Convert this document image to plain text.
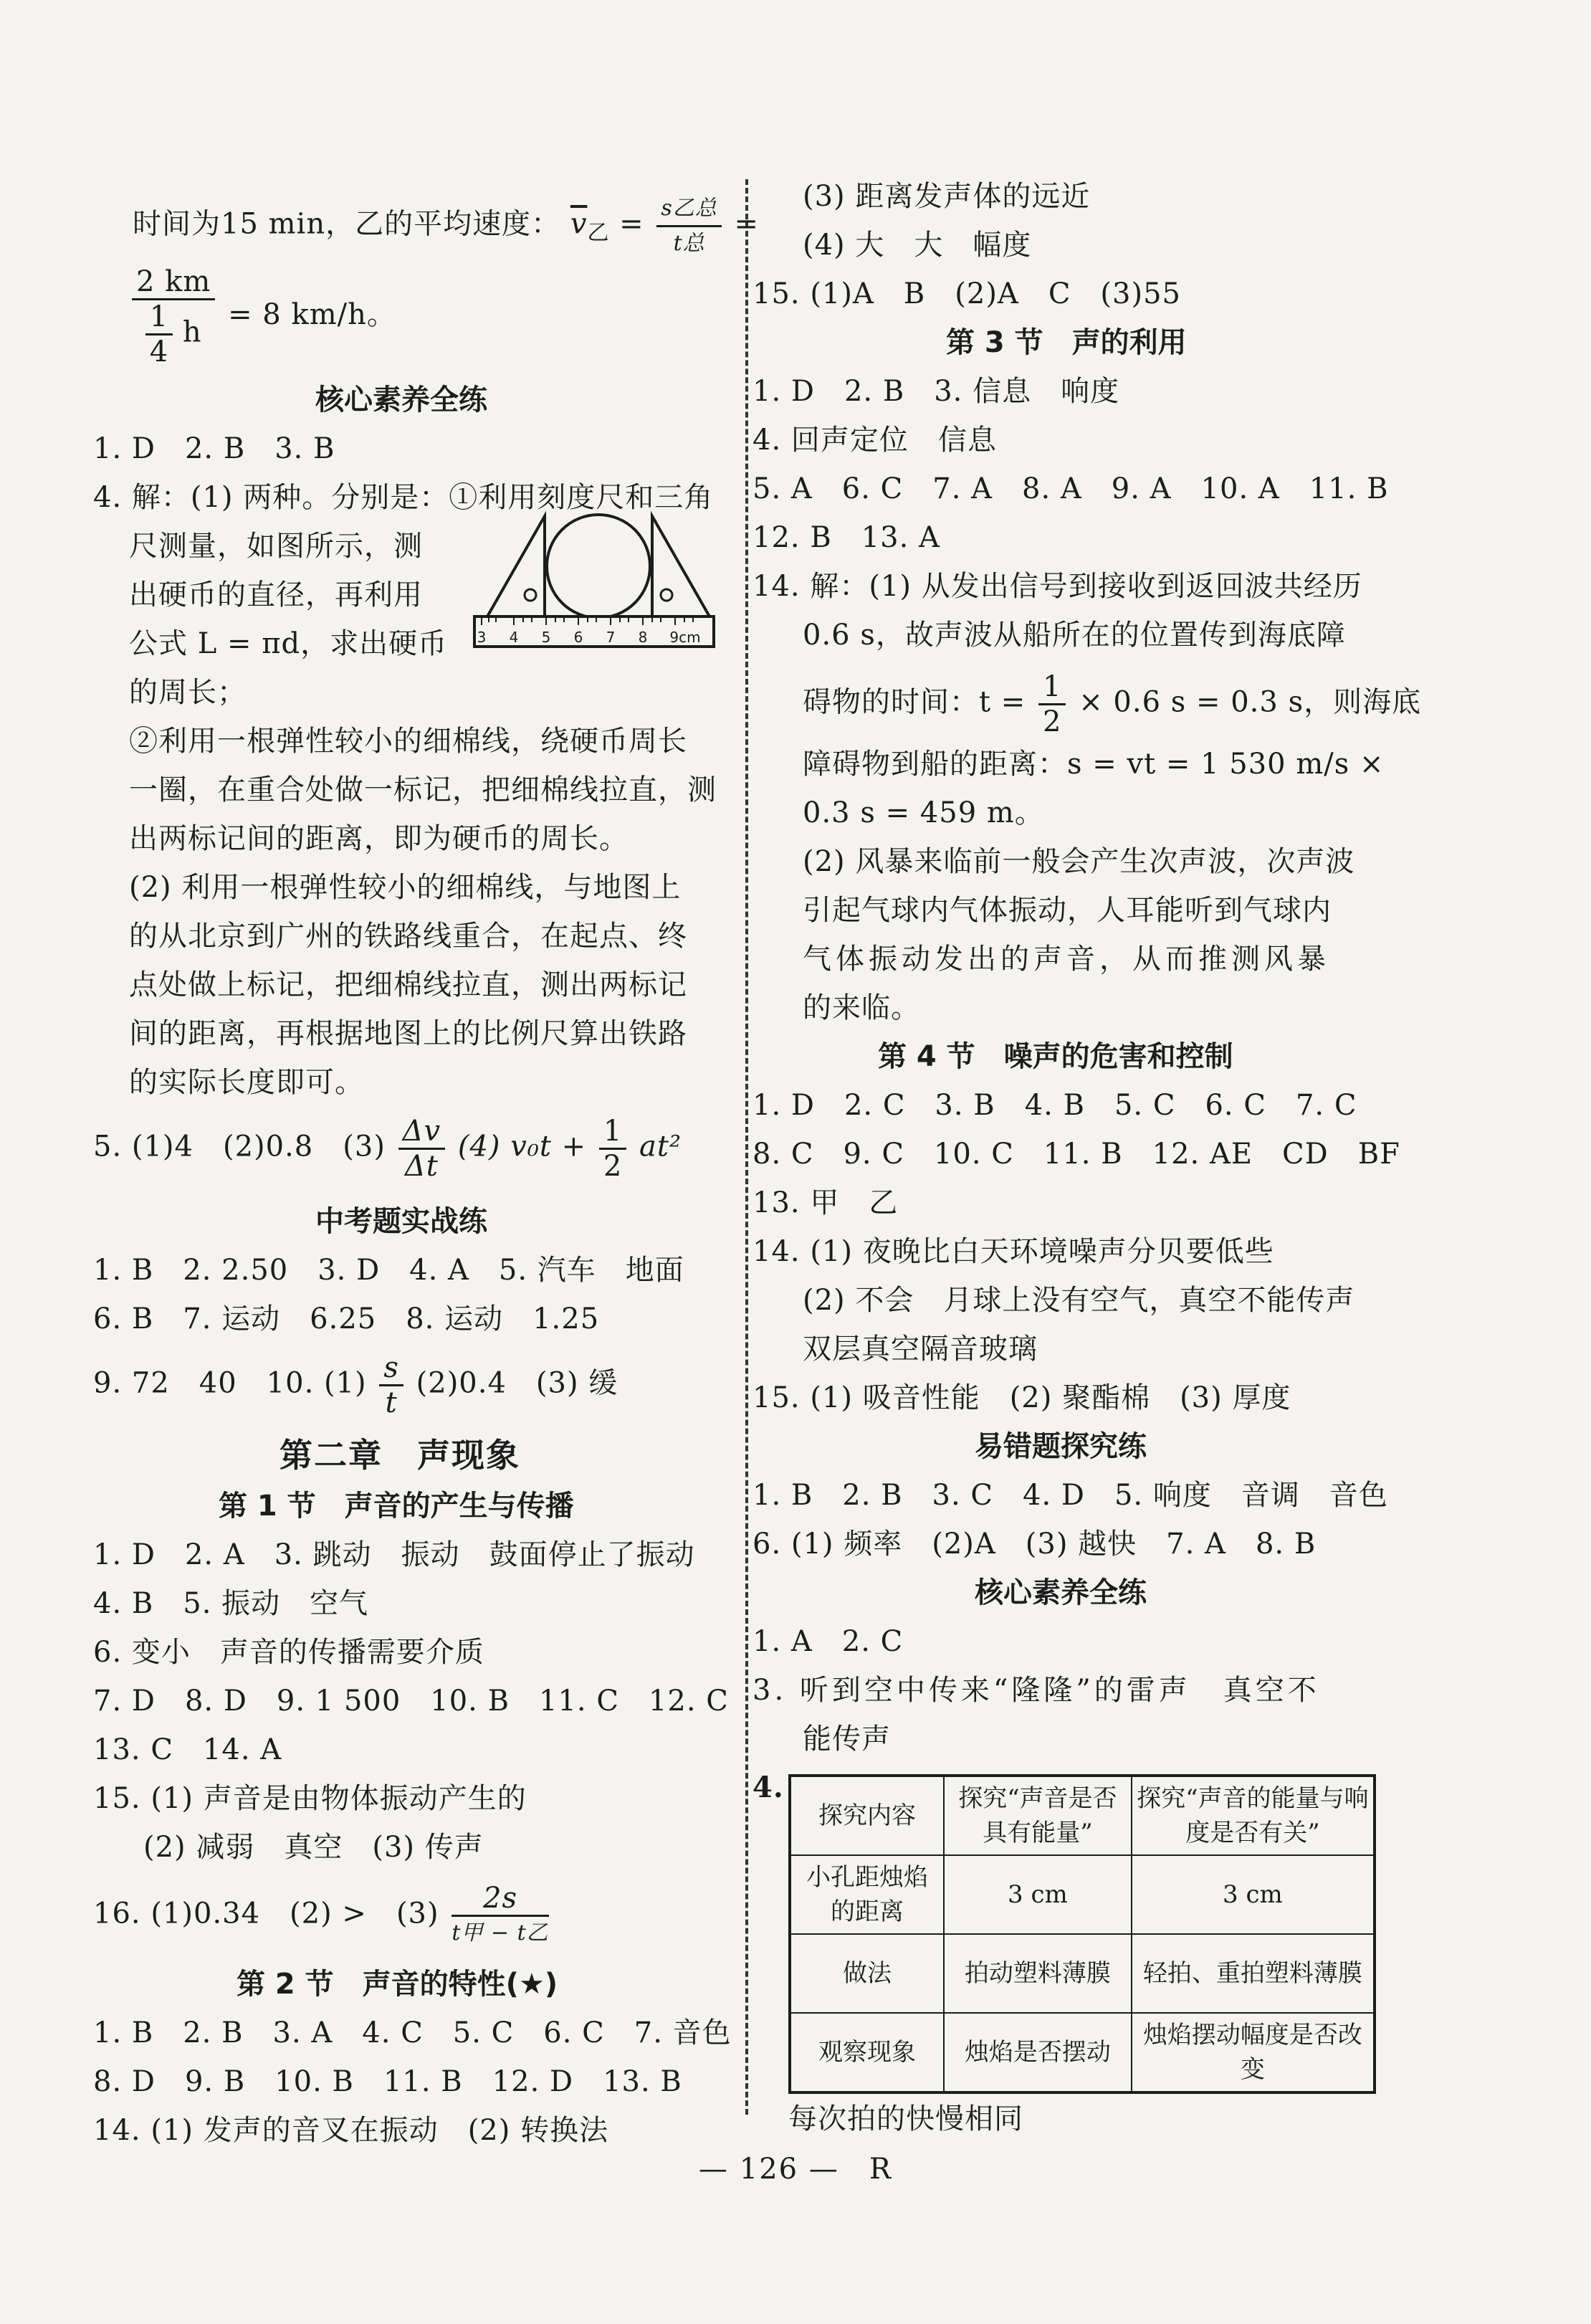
时间为15 min，乙的平均速度： $\overline{v}_乙 = \frac{\text{s乙总}}{\text{t总}}$ =
$\frac{2 km}{\frac{1}{4} h} = 8$ km/h。
核心素养全练
1. D　2. B　3. B
4. 解：(1) 两种。分别是：①利用刻度尺和三角
尺测量，如图所示，测
出硬币的直径，再利用
公式 L = πd，求出硬币
的周长；
3 4 5 6 7 8 9cm
②利用一根弹性较小的细棉线，绕硬币周长
一圈，在重合处做一标记，把细棉线拉直，测
出两标记间的距离，即为硬币的周长。
(2) 利用一根弹性较小的细棉线，与地图上
的从北京到广州的铁路线重合，在起点、终
点处做上标记，把细棉线拉直，测出两标记
间的距离，再根据地图上的比例尺算出铁路
的实际长度即可。
5. (1)4　(2)0.8　$(3) \frac{\Delta v}{\Delta t} (4) v_0t + \frac{1}{2} at^2$
中考题实战练
1. B　2. 2.50　3. D　4. A　5. 汽车　地面
6. B　7. 运动　6.25　8. 运动　1.25
9. 72　40　10. $(1) \frac{s}{t} (2)0.4$　(3) 缓
第二章　声现象
第 1 节　声音的产生与传播
1. D　2. A　3. 跳动　振动　鼓面停止了振动
4. B　5. 振动　空气
6. 变小　声音的传播需要介质
7. D　8. D　9. 1 500　10. B　11. C　12. C
13. C　14. A
15. (1) 声音是由物体振动产生的
(2) 减弱　真空　(3) 传声
16. (1)0.34　(2) >　$(3) \frac{2s}{\text{t甲 − t乙}}$
第 2 节　声音的特性(★)
1. B　2. B　3. A　4. C　5. C　6. C　7. 音色
8. D　9. B　10. B　11. B　12. D　13. B
14. (1) 发声的音叉在振动　(2) 转换法
(3) 距离发声体的远近
(4) 大　大　幅度
15. (1)A　B　(2)A　C　(3)55
第 3 节　声的利用
1. D　2. B　3. 信息　响度
4. 回声定位　信息
5. A　6. C　7. A　8. A　9. A　10. A　11. B
12. B　13. A
14. 解：(1) 从发出信号到接收到返回波共经历
0.6 s，故声波从船所在的位置传到海底障
碍物的时间：$t = \frac{1}{2} \times 0.6$ s = 0.3 s，则海底
障碍物到船的距离：s = vt = 1 530 m/s ×
0.3 s = 459 m。
(2) 风暴来临前一般会产生次声波，次声波
引起气球内气体振动，人耳能听到气球内
气体振动发出的声音，从而推测风暴
的来临。
第 4 节　噪声的危害和控制
1. D　2. C　3. B　4. B　5. C　6. C　7. C
8. C　9. C　10. C　11. B　12. AE　CD　BF
13. 甲　乙
14. (1) 夜晚比白天环境噪声分贝要低些
(2) 不会　月球上没有空气，真空不能传声
双层真空隔音玻璃
15. (1) 吸音性能　(2) 聚酯棉　(3) 厚度
易错题探究练
1. B　2. B　3. C　4. D　5. 响度　音调　音色
6. (1) 频率　(2)A　(3) 越快　7. A　8. B
核心素养全练
1. A　2. C
3. 听到空中传来“隆隆”的雷声　真空不
能传声
4.
探究内容	探究“声音是否具有能量”	探究“声音的能量与响度是否有关”
小孔距烛焰的距离	3 cm	3 cm
做法	拍动塑料薄膜	轻拍、重拍塑料薄膜
观察现象	烛焰是否摆动	烛焰摆动幅度是否改变
每次拍的快慢相同
— 126 —　R
